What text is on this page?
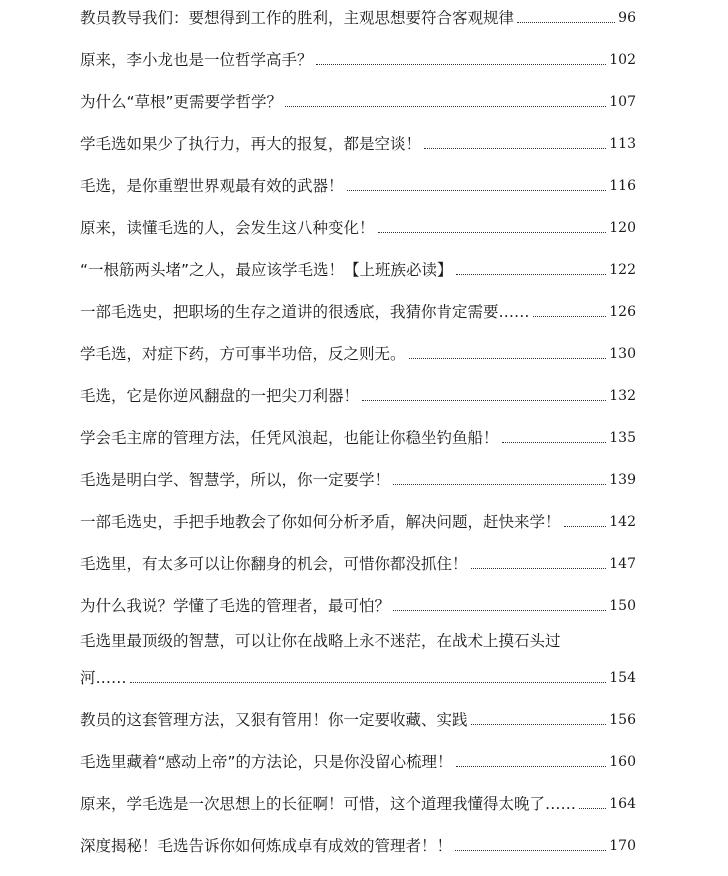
教员教导我们：要想得到工作的胜利，主观思想要符合客观规律	96
原来，李小龙也是一位哲学高手？	102
为什么“草根”更需要学哲学？	107
学毛选如果少了执行力，再大的报复，都是空谈！	113
毛选，是你重塑世界观最有效的武器！	116
原来，读懂毛选的人，会发生这八种变化！	120
“一根筋两头堵”之人，最应该学毛选！【上班族必读】	122
一部毛选史，把职场的生存之道讲的很透底，我猜你肯定需要……	126
学毛选，对症下药，方可事半功倍，反之则无。	130
毛选，它是你逆风翻盘的一把尖刀利器！	132
学会毛主席的管理方法，任凭风浪起，也能让你稳坐钓鱼船！	135
毛选是明白学、智慧学，所以，你一定要学！	139
一部毛选史，手把手地教会了你如何分析矛盾，解决问题，赶快来学！	142
毛选里，有太多可以让你翻身的机会，可惜你都没抓住！	147
为什么我说？学懂了毛选的管理者，最可怕？	150
毛选里最顶级的智慧，可以让你在战略上永不迷茫，在战术上摸石头过
河……	154
教员的这套管理方法，又狠有管用！你一定要收藏、实践	156
毛选里藏着“感动上帝”的方法论，只是你没留心梳理！	160
原来，学毛选是一次思想上的长征啊！可惜，这个道理我懂得太晚了…… 164
深度揭秘！毛选告诉你如何炼成卓有成效的管理者！！	170
